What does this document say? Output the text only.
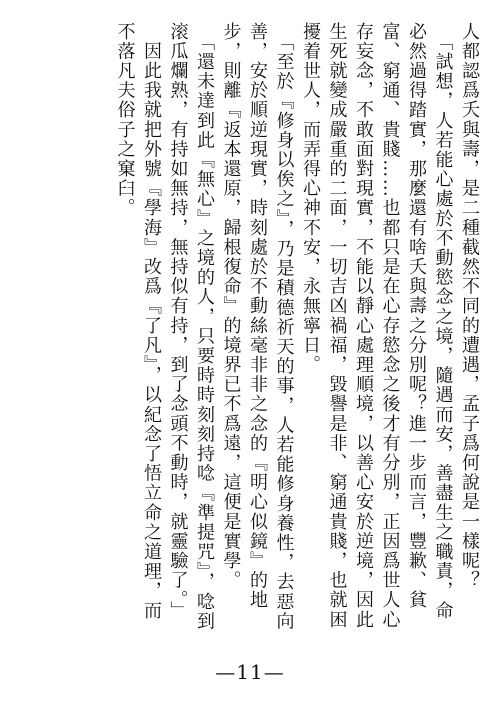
人都認爲夭與壽，是二種截然不同的遭遇，孟子爲何說是一樣呢？

　「試想，人若能心處於不動慾念之境，隨遇而安，善盡生之職責，命必然過得踏實，那麼還有啥夭與壽之分別呢？進一步而言，豐歉、貧富、窮通、貴賤……也都只是在心存慾念之後才有分別，正因爲世人心存妄念，不敢面對現實，不能以靜心處理順境，以善心安於逆境，因此生死就變成嚴重的二面，一切吉凶禍福，毀譽是非、窮通貴賤，也就困擾着世人，而弄得心神不安，永無寧日。

　「至於『修身以俟之』，乃是積德祈天的事，人若能修身養性，去惡向善，安於順逆現實，時刻處於不動絲毫非非之念的『明心似鏡』的地步，則離『返本還原，歸根復命』的境界已不爲遠，這便是實學。

　「還未達到此『無心』之境的人，只要時時刻刻持唸『準提咒』，唸到滚瓜爛熟，有持如無持，無持似有持，到了念頭不動時，就靈驗了。」

　因此我就把外號『學海』改爲『了凡』，以紀念了悟立命之道理，而不落凡夫俗子之窠臼。

—11—
